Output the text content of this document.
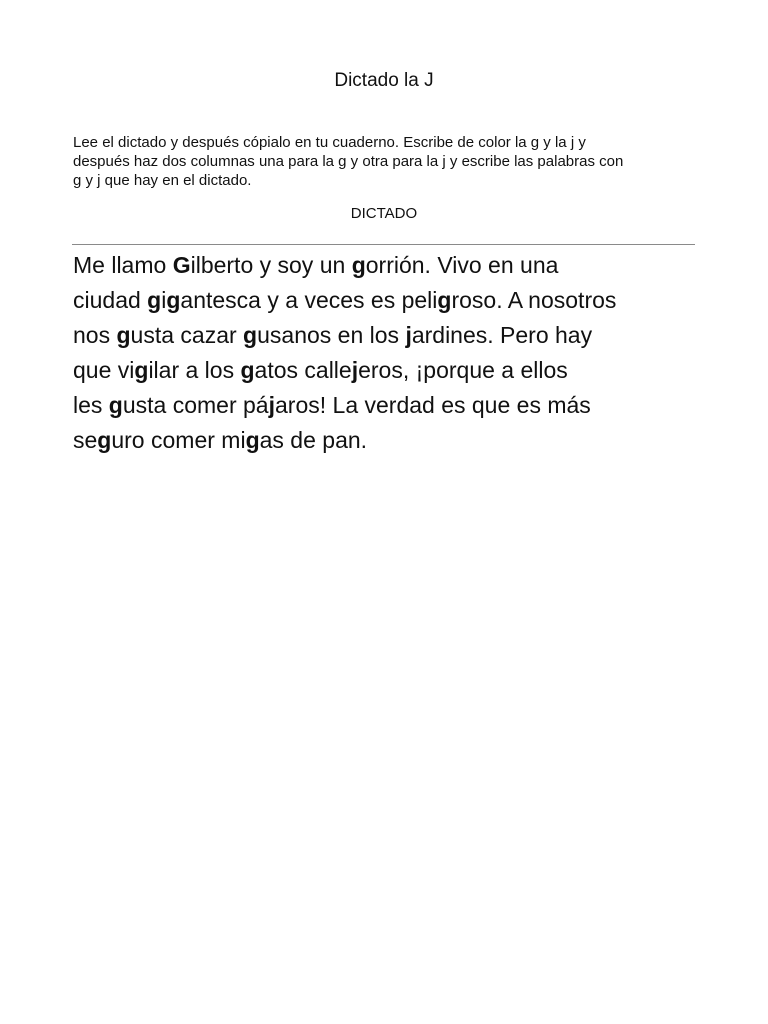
Dictado la J

Lee el dictado y después cópialo en tu cuaderno. Escribe de color la g y la j y

después haz dos columnas una para la g y otra para la j y escribe las palabras con

g y j que hay en el dictado.

DICTADO

Me llamo Gilberto y soy un gorrión. Vivo en una

ciudad gigantesca y a veces es peligroso. A nosotros

nos gusta cazar gusanos en los jardines. Pero hay

que vigilar a los gatos callejeros, ¡porque a ellos

les gusta comer pájaros! La verdad es que es más

seguro comer migas de pan.
